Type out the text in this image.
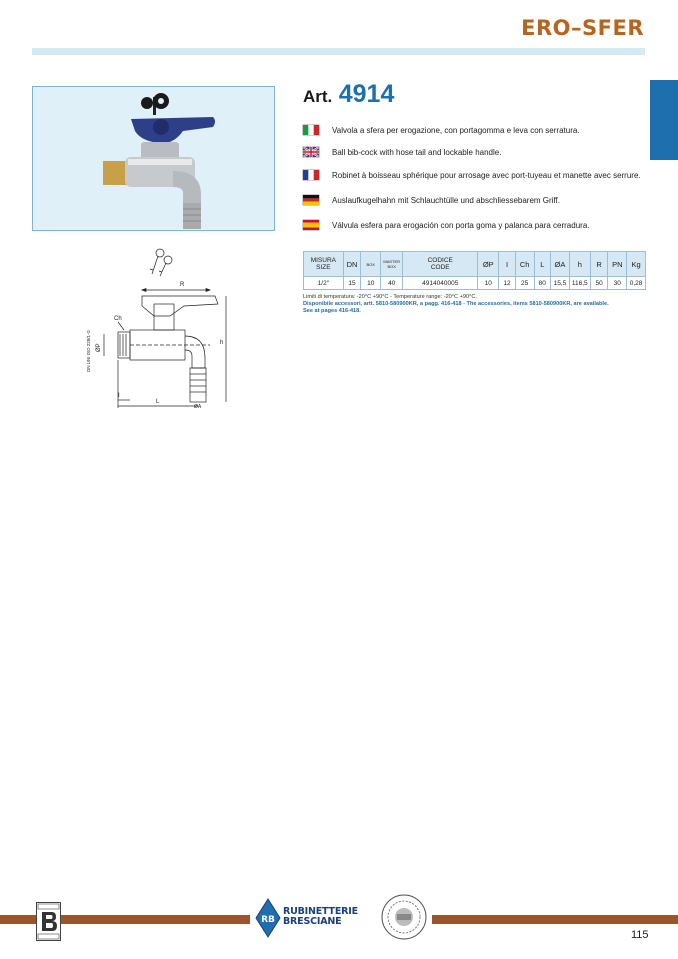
ERO–SFER
Art. 4914
Valvola a sfera per erogazione, con portagomma e leva con serratura.
Ball bib-cock with hose tail and lockable handle.
Robinet à boisseau sphérique pour arrosage avec port-tuyeau et manette avec serrure.
Auslaufkugelhahn mit Schlauchtülle und abschliessebarem Griff.
Válvula esfera para erogación con porta goma y palanca para cerradura.
R
Ch
ØP
DN UNI ISO 228/1-G	h
I
L
ØA
MISURA
SIZE	DN	BOX	MASTER
BOX	CODICE
CODE	ØP	I	Ch	L	ØA	h	R	PN	Kg
1/2"	15	10	40	4914040005	10	12	25	80	15,5	116,5	50	30	0,28
Limiti di temperatura: -20°C +90°C - Temperature range: -20°C +90°C.
Disponibile accessori, artt. 5810-580900KR, a pagg. 416-418 - The accessories, items 5810-580900KR, are available.
See at pages 416-418.
RB
RUBINETTERIE
BRESCIANE
115
